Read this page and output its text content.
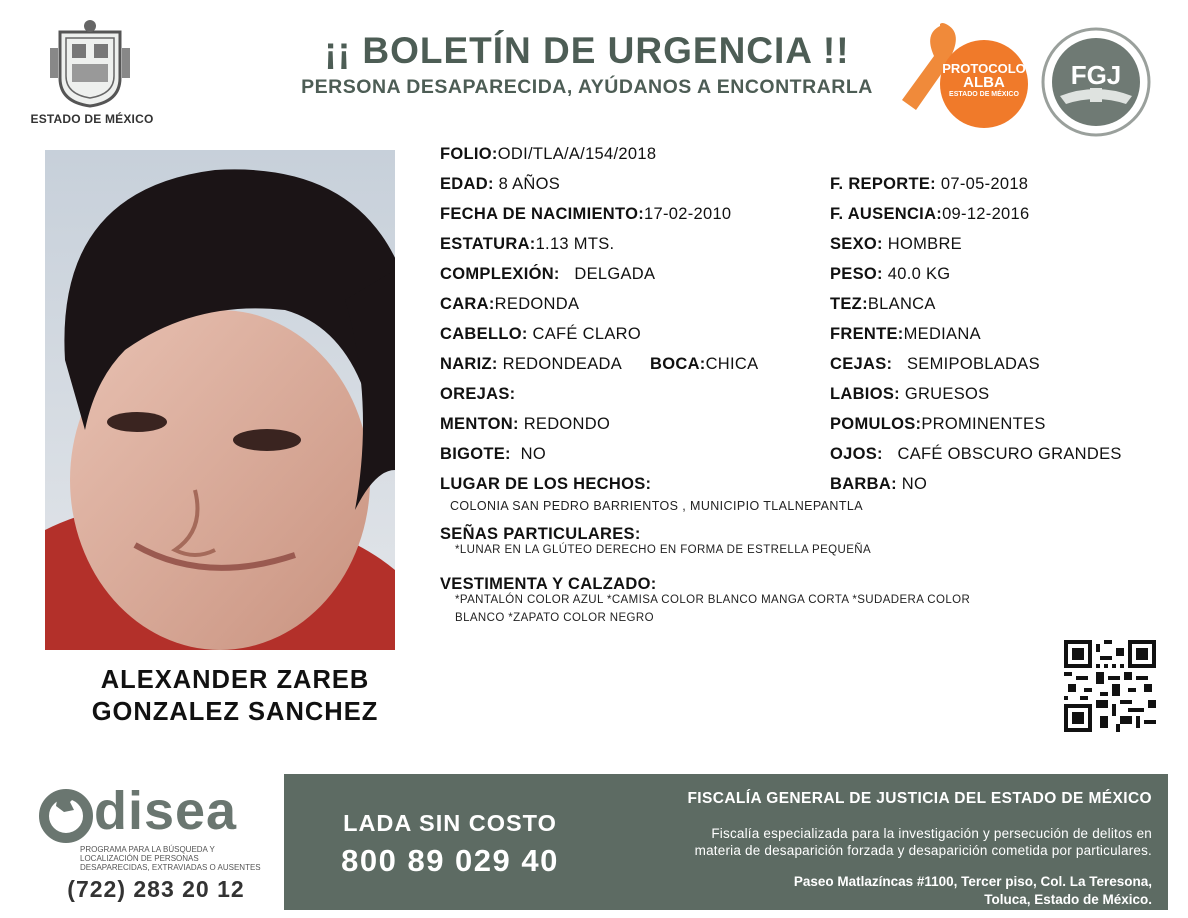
ESTADO DE MÉXICO
¡¡ BOLETÍN DE URGENCIA !!
PERSONA DESAPARECIDA, AYÚDANOS A ENCONTRARLA
PROTOCOLO
ALBA
ESTADO DE MÉXICO
FGJ
ALEXANDER ZAREB
GONZALEZ SANCHEZ
FOLIO:ODI/TLA/A/154/2018
EDAD: 8 AÑOS
FECHA DE NACIMIENTO:17-02-2010
ESTATURA:1.13 MTS.
COMPLEXIÓN: DELGADA
CARA:REDONDA
CABELLO: CAFÉ CLARO
NARIZ: REDONDEADA BOCA:CHICA
OREJAS:
MENTON: REDONDO
BIGOTE: NO
LUGAR DE LOS HECHOS:
COLONIA SAN PEDRO BARRIENTOS , MUNICIPIO TLALNEPANTLA
SEÑAS PARTICULARES:
*LUNAR EN LA GLÚTEO DERECHO EN FORMA DE ESTRELLA PEQUEÑA
VESTIMENTA Y CALZADO:
*PANTALÓN COLOR AZUL *CAMISA COLOR BLANCO MANGA CORTA *SUDADERA COLOR
BLANCO *ZAPATO COLOR NEGRO
F. REPORTE: 07-05-2018
F. AUSENCIA:09-12-2016
SEXO: HOMBRE
PESO: 40.0 KG
TEZ:BLANCA
FRENTE:MEDIANA
CEJAS: SEMIPOBLADAS
LABIOS: GRUESOS
POMULOS:PROMINENTES
OJOS: CAFÉ OBSCURO GRANDES
BARBA: NO
disea
PROGRAMA PARA LA BÚSQUEDA Y LOCALIZACIÓN DE PERSONAS DESAPARECIDAS, EXTRAVIADAS O AUSENTES
(722) 283 20 12
LADA SIN COSTO
800 89 029 40
FISCALÍA GENERAL DE JUSTICIA DEL ESTADO DE MÉXICO
Fiscalía especializada para la investigación y persecución de delitos en
materia de desaparición forzada y desaparición cometida por particulares.
Paseo Matlazíncas #1100, Tercer piso, Col. La Teresona,
Toluca, Estado de México.
